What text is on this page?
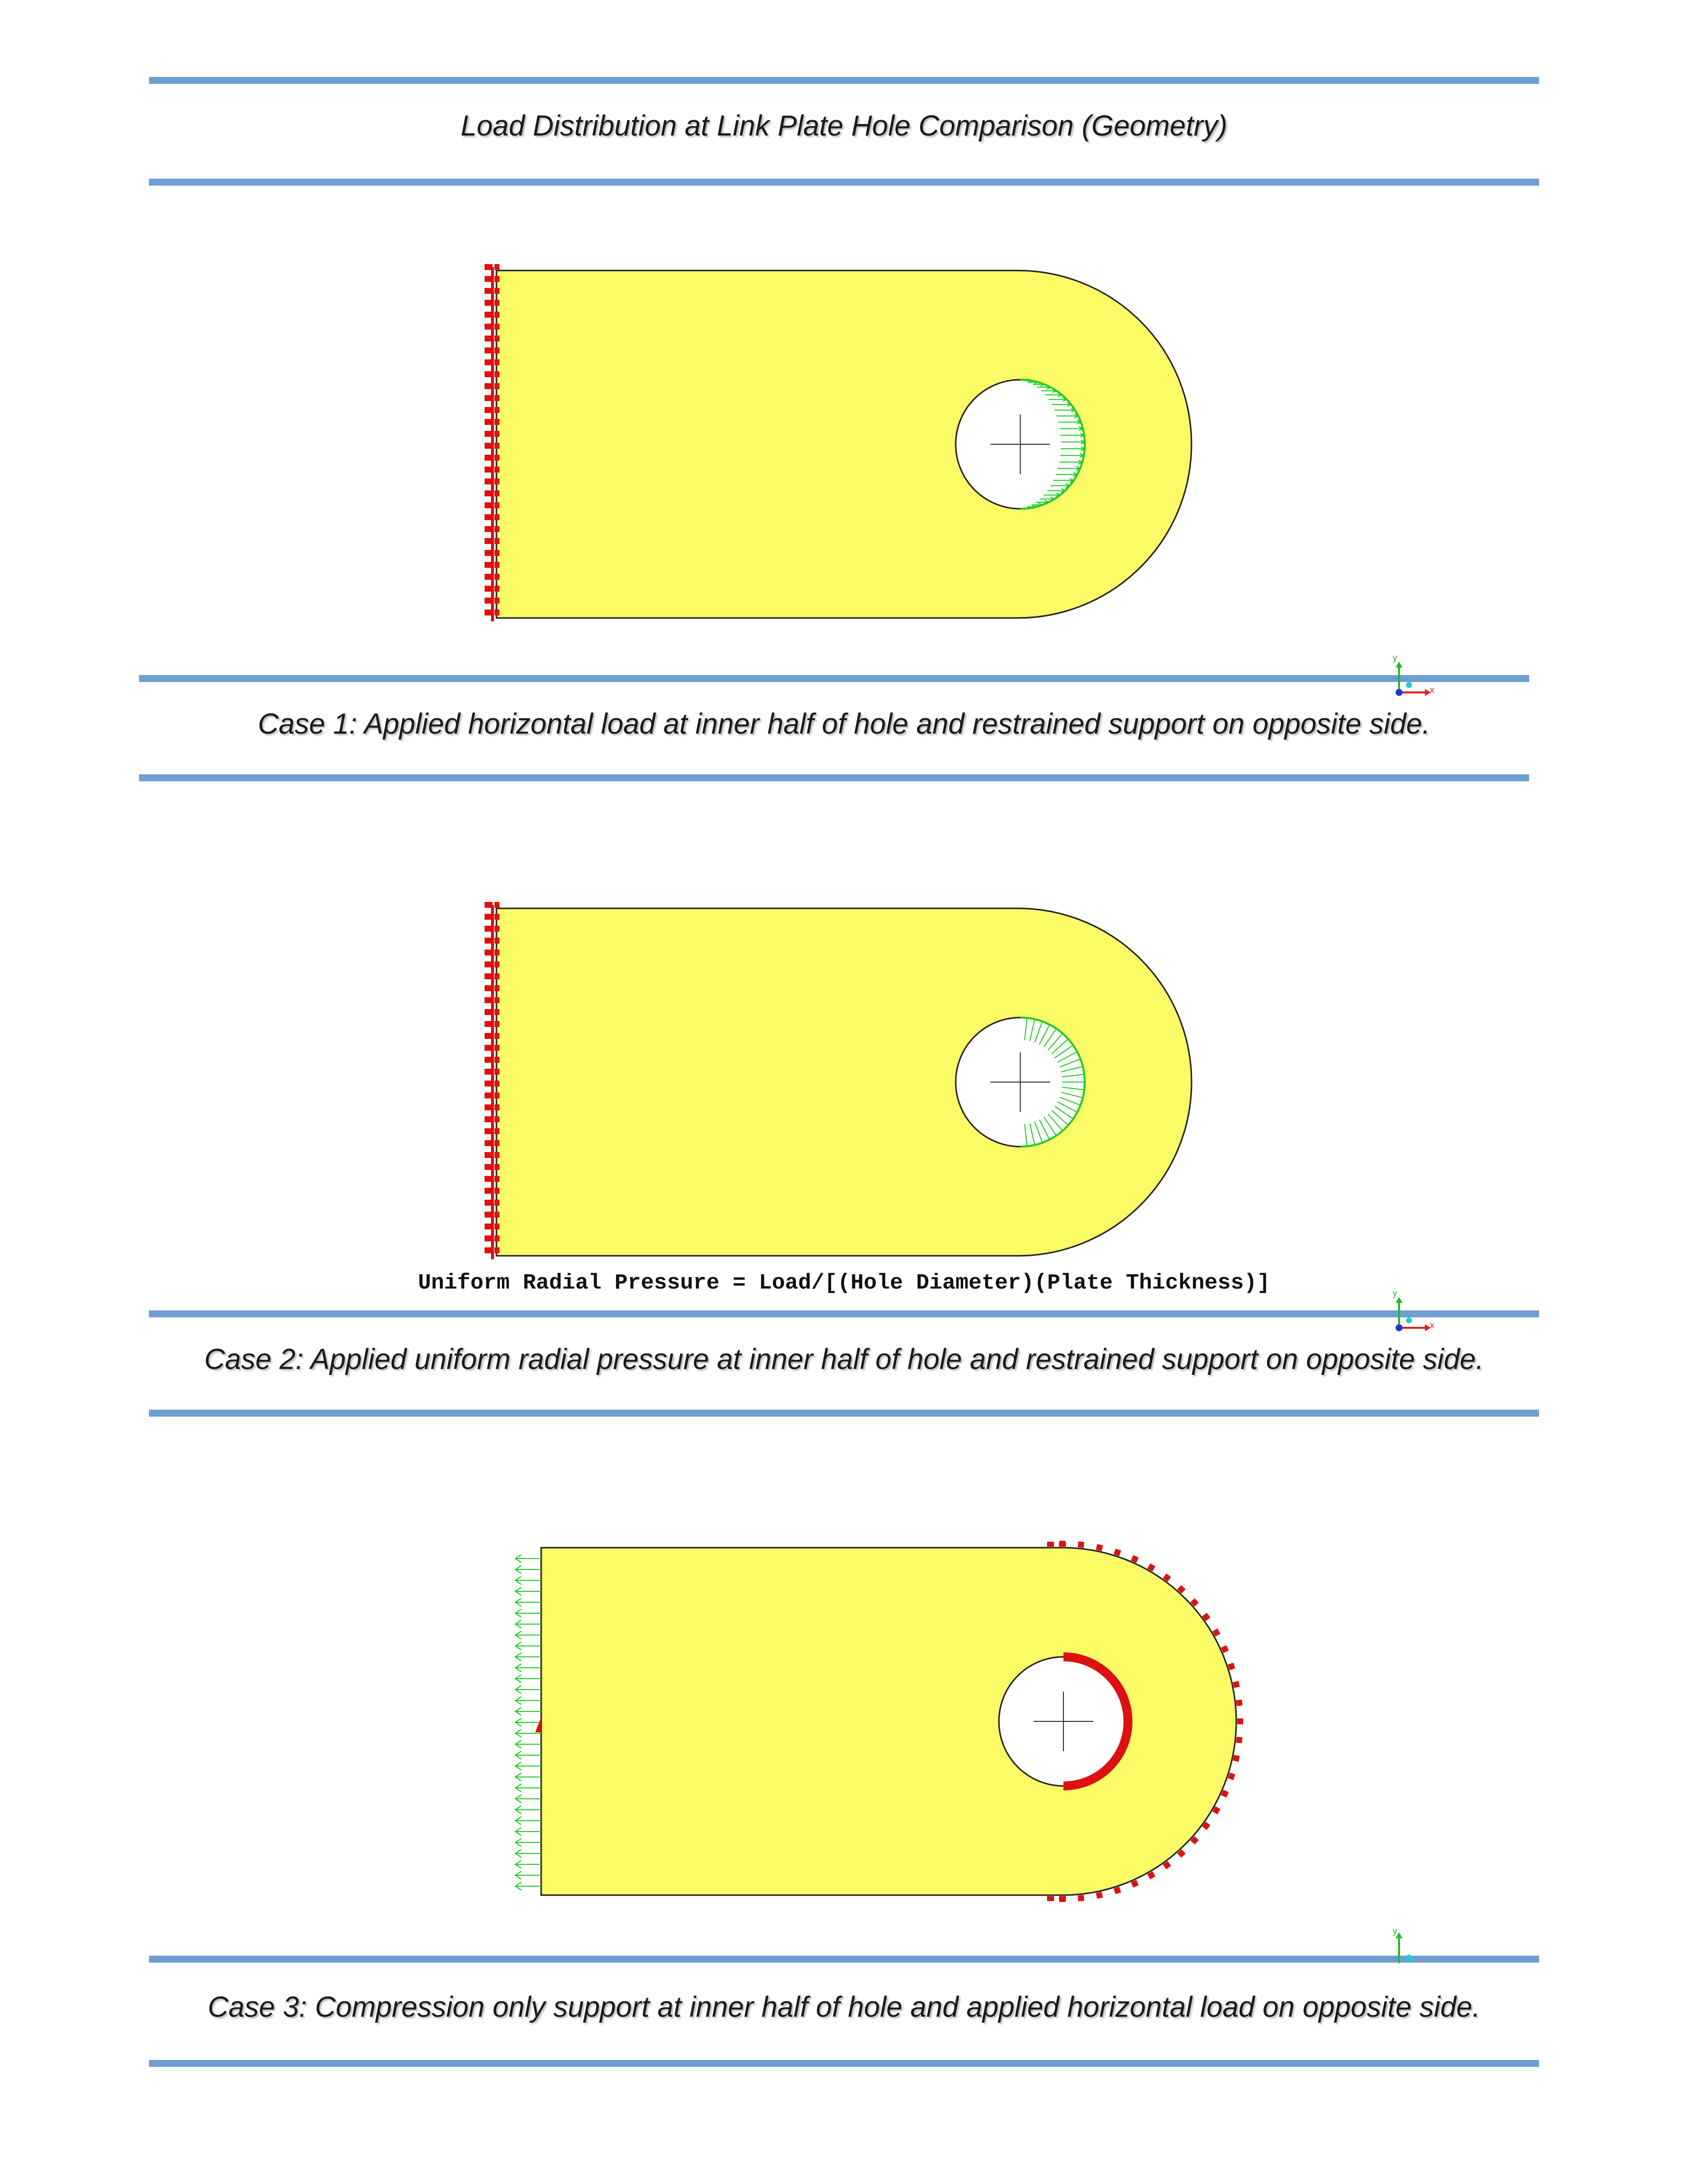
Load Distribution at Link Plate Hole Comparison (Geometry)
Case 1: Applied horizontal load at inner half of hole and restrained support on opposite side.
Uniform Radial Pressure = Load/[(Hole Diameter)(Plate Thickness)]
Case 2: Applied uniform radial pressure at inner half of hole and restrained support on opposite side.
Case 3: Compression only support at inner half of hole and applied horizontal load on opposite side.
x
y
x
y
y
